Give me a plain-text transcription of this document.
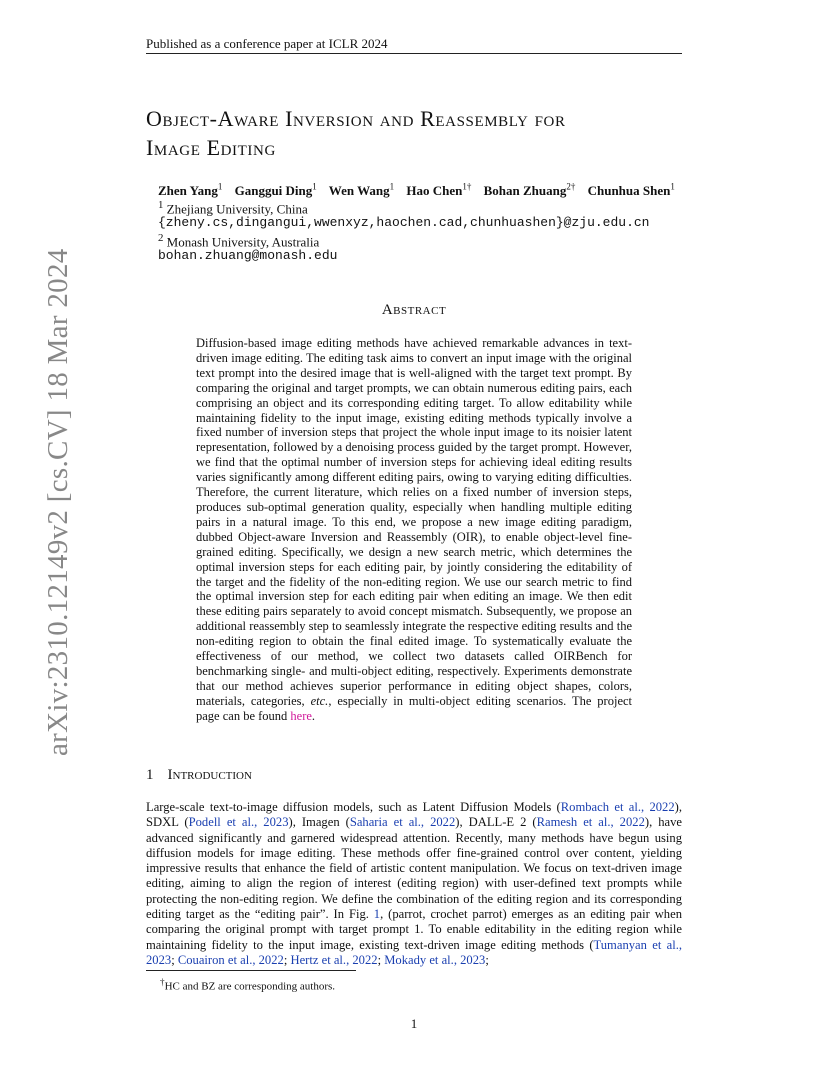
Published as a conference paper at ICLR 2024
Object-Aware Inversion and Reassembly for
Image Editing
Zhen Yang$^1$ Ganggui Ding$^1$ Wen Wang$^1$ Hao Chen$^{1\dagger}$ Bohan Zhuang$^{2\dagger}$ Chunhua Shen$^1$
$^1$ Zhejiang University, China
{zheny.cs,dingangui,wwenxyz,haochen.cad,chunhuashen}@zju.edu.cn
$^2$ Monash University, Australia
bohan.zhuang@monash.edu
Abstract
Diffusion-based image editing methods have achieved remarkable advances in text-driven image editing. The editing task aims to convert an input image with the original text prompt into the desired image that is well-aligned with the target text prompt. By comparing the original and target prompts, we can obtain numerous editing pairs, each comprising an object and its corresponding editing target. To allow editability while maintaining fidelity to the input image, existing editing methods typically involve a fixed number of inversion steps that project the whole input image to its noisier latent representation, followed by a denoising process guided by the target prompt. However, we find that the optimal number of inversion steps for achieving ideal editing results varies significantly among different editing pairs, owing to varying editing difficulties. Therefore, the current literature, which relies on a fixed number of inversion steps, produces sub-optimal generation quality, especially when handling multiple editing pairs in a natural image. To this end, we propose a new image editing paradigm, dubbed Object-aware Inversion and Reassembly (OIR), to enable object-level fine-grained editing. Specifically, we design a new search metric, which determines the optimal inversion steps for each editing pair, by jointly considering the editability of the target and the fidelity of the non-editing region. We use our search metric to find the optimal inversion step for each editing pair when editing an image. We then edit these editing pairs separately to avoid concept mismatch. Subsequently, we propose an additional reassembly step to seamlessly integrate the respective editing results and the non-editing region to obtain the final edited image. To systematically evaluate the effectiveness of our method, we collect two datasets called OIRBench for benchmarking single- and multi-object editing, respectively. Experiments demonstrate that our method achieves superior performance in editing object shapes, colors, materials, categories, etc., especially in multi-object editing scenarios. The project page can be found here.
1 Introduction
Large-scale text-to-image diffusion models, such as Latent Diffusion Models (Rombach et al., 2022), SDXL (Podell et al., 2023), Imagen (Saharia et al., 2022), DALL-E 2 (Ramesh et al., 2022), have advanced significantly and garnered widespread attention. Recently, many methods have begun using diffusion models for image editing. These methods offer fine-grained control over content, yielding impressive results that enhance the field of artistic content manipulation. We focus on text-driven image editing, aiming to align the region of interest (editing region) with user-defined text prompts while protecting the non-editing region. We define the combination of the editing region and its corresponding editing target as the “editing pair”. In Fig. 1, (parrot, crochet parrot) emerges as an editing pair when comparing the original prompt with target prompt 1. To enable editability in the editing region while maintaining fidelity to the input image, existing text-driven image editing methods (Tumanyan et al., 2023; Couairon et al., 2022; Hertz et al., 2022; Mokady et al., 2023;
†HC and BZ are corresponding authors.
1
arXiv:2310.12149v2 [cs.CV] 18 Mar 2024
